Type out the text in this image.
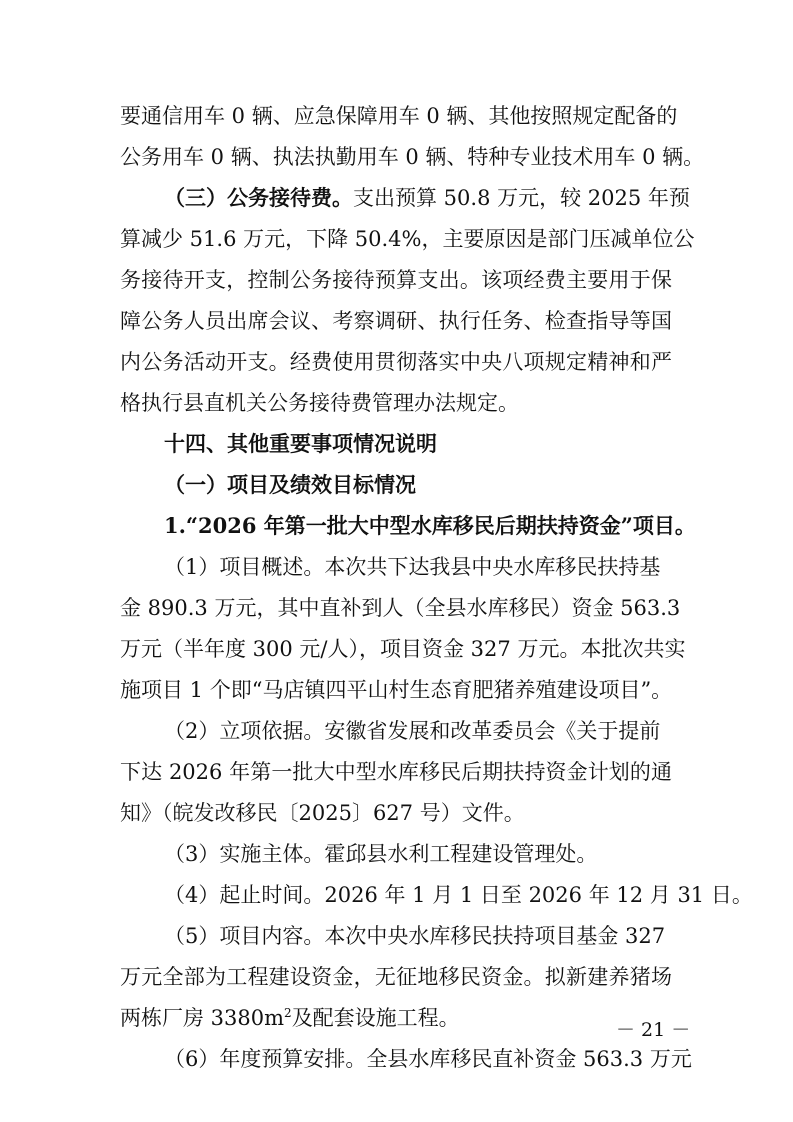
要通信用车 0 辆、应急保障用车 0 辆、其他按照规定配备的
公务用车 0 辆、执法执勤用车 0 辆、特种专业技术用车 0 辆。
（三）公务接待费。支出预算 50.8 万元，较 2025 年预
算减少 51.6 万元，下降 50.4%，主要原因是部门压减单位公
务接待开支，控制公务接待预算支出。该项经费主要用于保
障公务人员出席会议、考察调研、执行任务、检查指导等国
内公务活动开支。经费使用贯彻落实中央八项规定精神和严
格执行县直机关公务接待费管理办法规定。
十四、其他重要事项情况说明
（一）项目及绩效目标情况
1.“2026 年第一批大中型水库移民后期扶持资金”项目。
（1）项目概述。本次共下达我县中央水库移民扶持基
金 890.3 万元，其中直补到人（全县水库移民）资金 563.3
万元（半年度 300 元/人），项目资金 327 万元。本批次共实
施项目 1 个即“马店镇四平山村生态育肥猪养殖建设项目”。
（2）立项依据。安徽省发展和改革委员会《关于提前
下达 2026 年第一批大中型水库移民后期扶持资金计划的通
知》（皖发改移民〔2025〕627 号）文件。
（3）实施主体。霍邱县水利工程建设管理处。
（4）起止时间。2026 年 1 月 1 日至 2026 年 12 月 31 日。
（5）项目内容。本次中央水库移民扶持项目基金 327
万元全部为工程建设资金，无征地移民资金。拟新建养猪场
两栋厂房 $3380m^2$及配套设施工程。
（6）年度预算安排。全县水库移民直补资金 563.3 万元
－ 21 －
